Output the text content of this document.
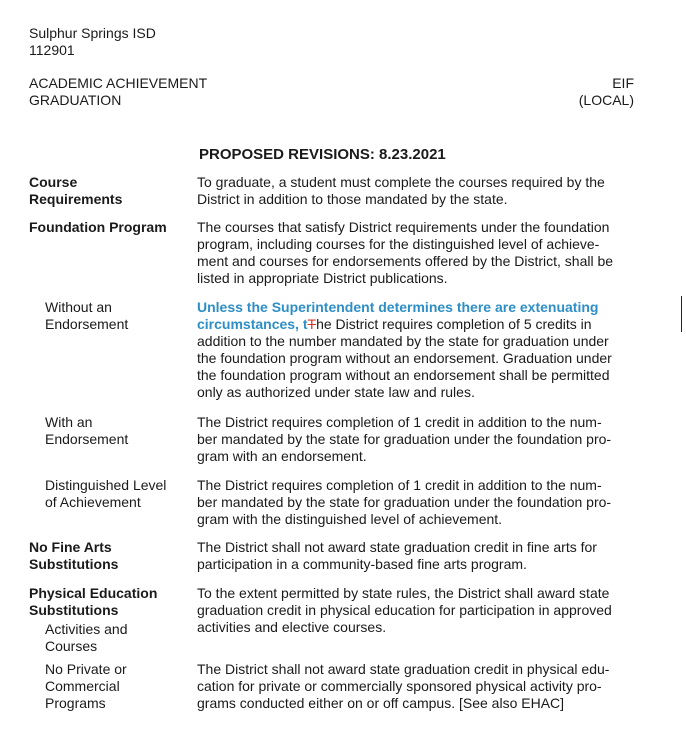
Sulphur Springs ISD
112901
ACADEMIC ACHIEVEMENT
GRADUATION
EIF
(LOCAL)
PROPOSED REVISIONS: 8.23.2021
Course
Requirements
To graduate, a student must complete the courses required by the
District in addition to those mandated by the state.
Foundation Program	The courses that satisfy District requirements under the foundation
program, including courses for the distinguished level of achieve-
ment and courses for endorsements offered by the District, shall be
listed in appropriate District publications.
Without an
Endorsement
Unless the Superintendent determines there are extenuating
circumstances, tThe District requires completion of 5 credits in
addition to the number mandated by the state for graduation under
the foundation program without an endorsement. Graduation under
the foundation program without an endorsement shall be permitted
only as authorized under state law and rules.
With an
Endorsement
The District requires completion of 1 credit in addition to the num-
ber mandated by the state for graduation under the foundation pro-
gram with an endorsement.
Distinguished Level
of Achievement
The District requires completion of 1 credit in addition to the num-
ber mandated by the state for graduation under the foundation pro-
gram with the distinguished level of achievement.
No Fine Arts
Substitutions
The District shall not award state graduation credit in fine arts for
participation in a community-based fine arts program.
Physical Education
Substitutions
Activities and
Courses
To the extent permitted by state rules, the District shall award state
graduation credit in physical education for participation in approved
activities and elective courses.
No Private or
Commercial
Programs
The District shall not award state graduation credit in physical edu-
cation for private or commercially sponsored physical activity pro-
grams conducted either on or off campus. [See also EHAC]
